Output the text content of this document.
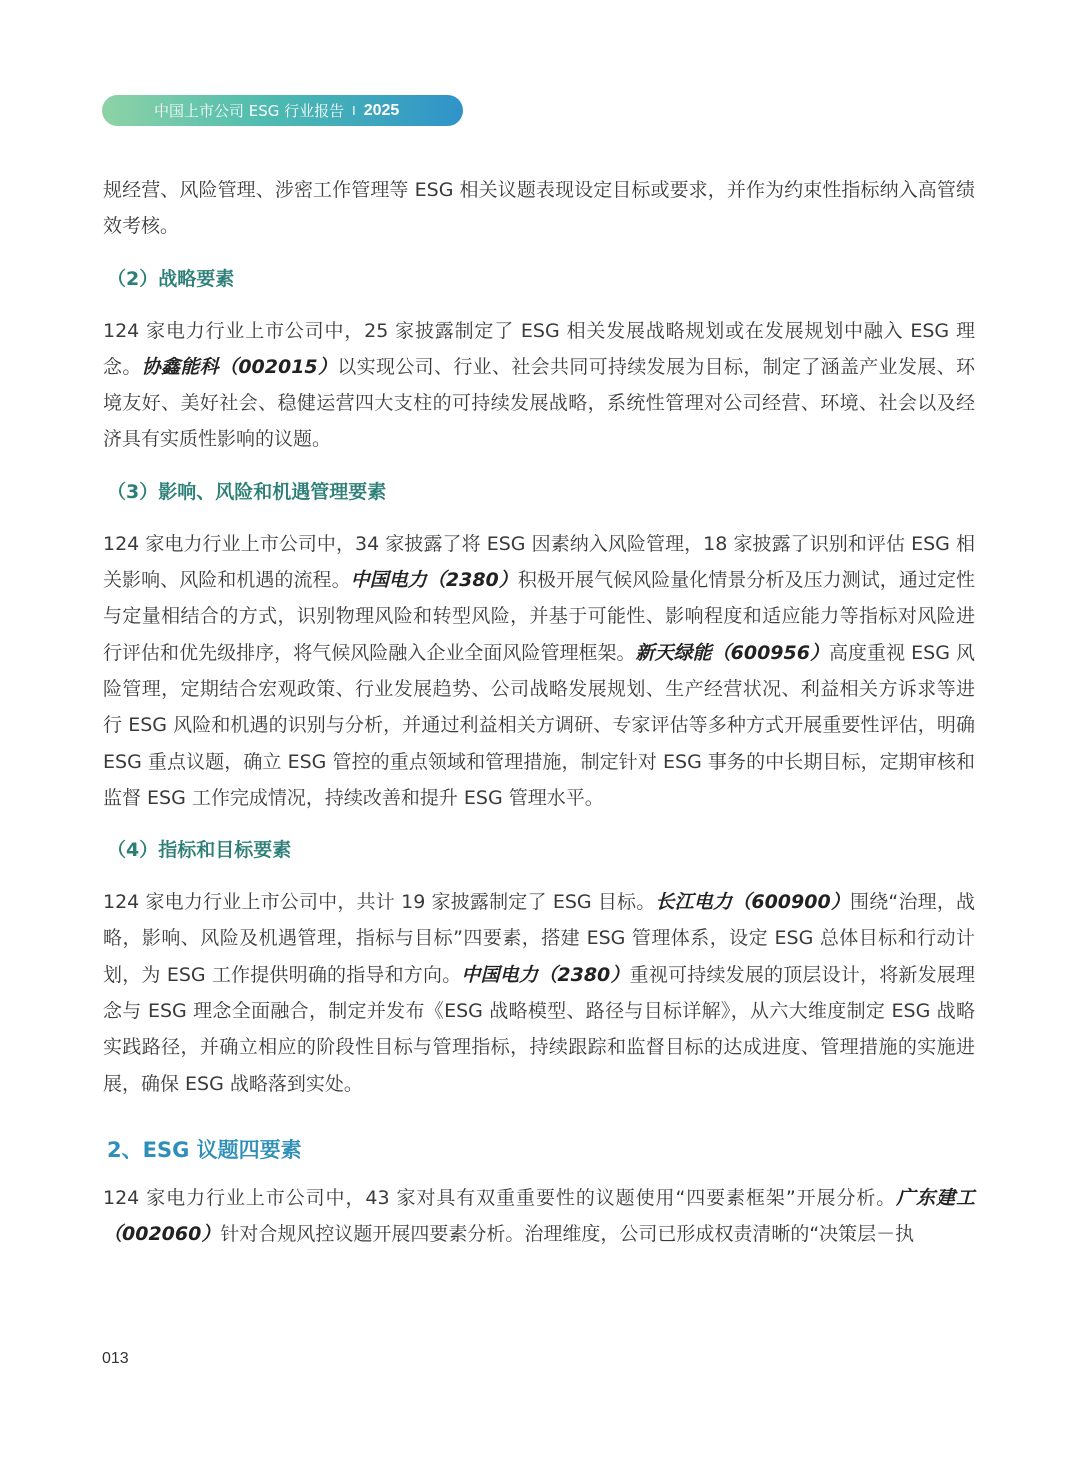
中国上市公司 ESG 行业报告 I 2025

规经营、风险管理、涉密工作管理等 ESG 相关议题表现设定目标或要求，并作为约束性指标纳入高管绩效考核。

（2）战略要素

124 家电力行业上市公司中，25 家披露制定了 ESG 相关发展战略规划或在发展规划中融入 ESG 理念。协鑫能科（002015）以实现公司、行业、社会共同可持续发展为目标，制定了涵盖产业发展、环境友好、美好社会、稳健运营四大支柱的可持续发展战略，系统性管理对公司经营、环境、社会以及经济具有实质性影响的议题。

（3）影响、风险和机遇管理要素

124 家电力行业上市公司中，34 家披露了将 ESG 因素纳入风险管理，18 家披露了识别和评估 ESG 相关影响、风险和机遇的流程。中国电力（2380）积极开展气候风险量化情景分析及压力测试，通过定性与定量相结合的方式，识别物理风险和转型风险，并基于可能性、影响程度和适应能力等指标对风险进行评估和优先级排序，将气候风险融入企业全面风险管理框架。新天绿能（600956）高度重视 ESG 风险管理，定期结合宏观政策、行业发展趋势、公司战略发展规划、生产经营状况、利益相关方诉求等进行 ESG 风险和机遇的识别与分析，并通过利益相关方调研、专家评估等多种方式开展重要性评估，明确 ESG 重点议题，确立 ESG 管控的重点领域和管理措施，制定针对 ESG 事务的中长期目标，定期审核和监督 ESG 工作完成情况，持续改善和提升 ESG 管理水平。

（4）指标和目标要素

124 家电力行业上市公司中，共计 19 家披露制定了 ESG 目标。长江电力（600900）围绕“治理，战略，影响、风险及机遇管理，指标与目标”四要素，搭建 ESG 管理体系，设定 ESG 总体目标和行动计划，为 ESG 工作提供明确的指导和方向。中国电力（2380）重视可持续发展的顶层设计，将新发展理念与 ESG 理念全面融合，制定并发布《ESG 战略模型、路径与目标详解》，从六大维度制定 ESG 战略实践路径，并确立相应的阶段性目标与管理指标，持续跟踪和监督目标的达成进度、管理措施的实施进展，确保 ESG 战略落到实处。

2、ESG 议题四要素

124 家电力行业上市公司中，43 家对具有双重重要性的议题使用“四要素框架”开展分析。广东建工（002060）针对合规风控议题开展四要素分析。治理维度，公司已形成权责清晰的“决策层－执

013
